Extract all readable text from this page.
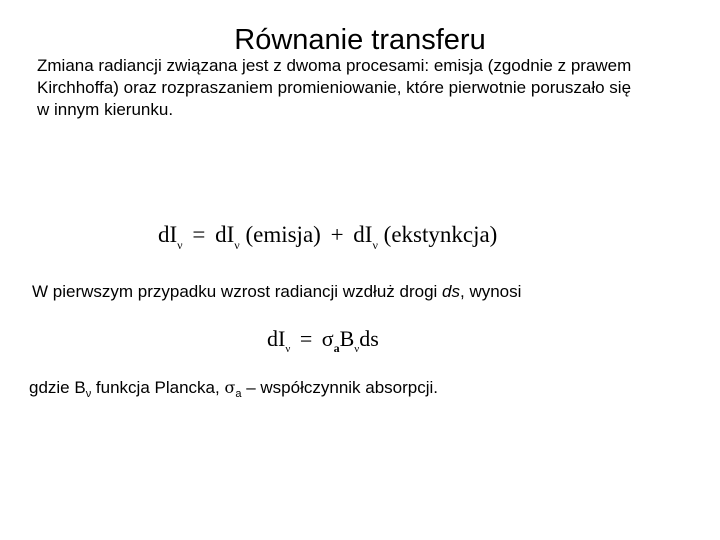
Równanie transferu
Zmiana radiancji związana jest z dwoma procesami: emisja (zgodnie z prawem
Kirchhoffa) oraz rozpraszaniem promieniowanie, które pierwotnie poruszało się
w innym kierunku.
$dI_\nu = dI_\nu$ (emisja) + $dI_\nu$ (ekstynkcja)
W pierwszym przypadku wzrost radiancji wzdłuż drogi ds, wynosi
$dI_\nu = \sigma_aB_\nu ds$
gdzie $B_\nu$ funkcja Plancka, $\sigma_a$ – współczynnik absorpcji.
